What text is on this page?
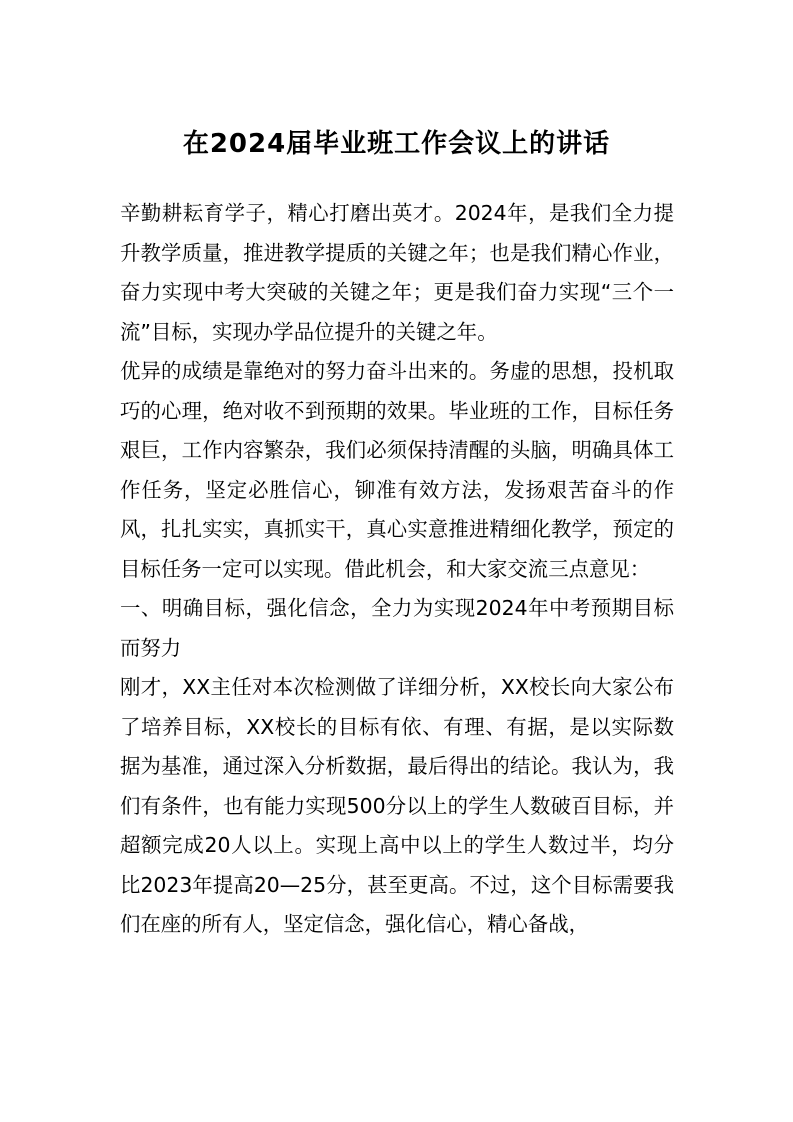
在2024届毕业班工作会议上的讲话

辛勤耕耘育学子，精心打磨出英才。2024年，是我们全力提升教学质量，推进教学提质的关键之年；也是我们精心作业，奋力实现中考大突破的关键之年；更是我们奋力实现“三个一流”目标，实现办学品位提升的关键之年。

优异的成绩是靠绝对的努力奋斗出来的。务虚的思想，投机取巧的心理，绝对收不到预期的效果。毕业班的工作，目标任务艰巨，工作内容繁杂，我们必须保持清醒的头脑，明确具体工作任务，坚定必胜信心，铆准有效方法，发扬艰苦奋斗的作风，扎扎实实，真抓实干，真心实意推进精细化教学，预定的目标任务一定可以实现。借此机会，和大家交流三点意见：

一、明确目标，强化信念，全力为实现2024年中考预期目标而努力

刚才，XX主任对本次检测做了详细分析，XX校长向大家公布了培养目标，XX校长的目标有依、有理、有据，是以实际数据为基准，通过深入分析数据，最后得出的结论。我认为，我们有条件，也有能力实现500分以上的学生人数破百目标，并超额完成20人以上。实现上高中以上的学生人数过半，均分比2023年提高20—25分，甚至更高。不过，这个目标需要我们在座的所有人，坚定信念，强化信心，精心备战，
